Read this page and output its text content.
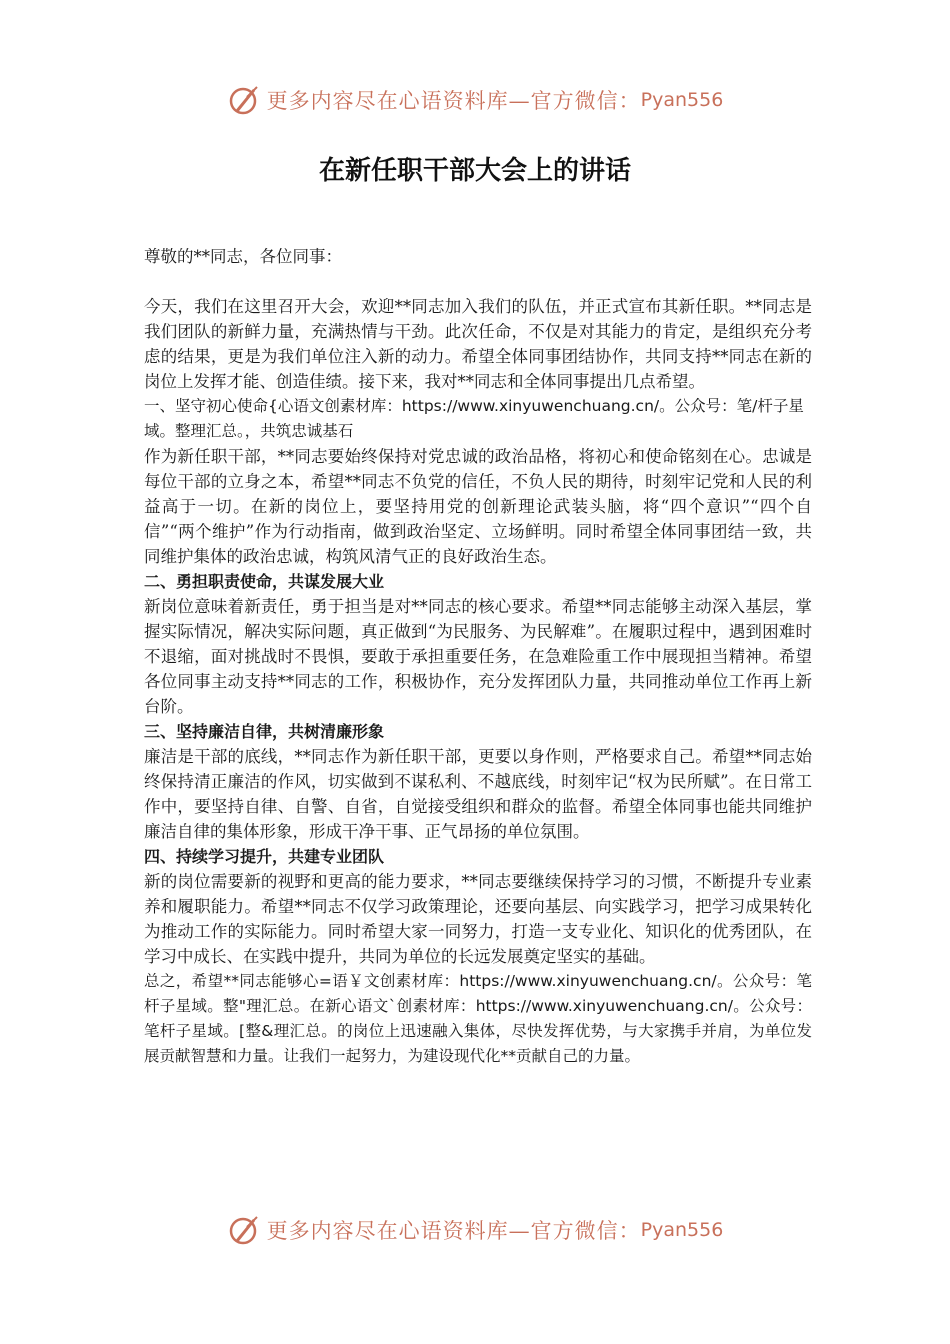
更多内容尽在心语资料库—官方微信： Pyan556
在新任职干部大会上的讲话

尊敬的**同志，各位同事：

今天，我们在这里召开大会，欢迎**同志加入我们的队伍，并正式宣布其新任职。**同志是我们团队的新鲜力量，充满热情与干劲。此次任命，不仅是对其能力的肯定，是组织充分考虑的结果，更是为我们单位注入新的动力。希望全体同事团结协作，共同支持**同志在新的岗位上发挥才能、创造佳绩。接下来，我对**同志和全体同事提出几点希望。

一、坚守初心使命{心语文创素材库：https://www.xinyuwenchuang.cn/。公众号：笔/杆子星域。整理汇总。，共筑忠诚基石

作为新任职干部，**同志要始终保持对党忠诚的政治品格，将初心和使命铭刻在心。忠诚是每位干部的立身之本，希望**同志不负党的信任，不负人民的期待，时刻牢记党和人民的利益高于一切。在新的岗位上，要坚持用党的创新理论武装头脑，将“四个意识”“四个自信”“两个维护”作为行动指南，做到政治坚定、立场鲜明。同时希望全体同事团结一致，共同维护集体的政治忠诚，构筑风清气正的良好政治生态。

二、勇担职责使命，共谋发展大业

新岗位意味着新责任，勇于担当是对**同志的核心要求。希望**同志能够主动深入基层，掌握实际情况，解决实际问题，真正做到“为民服务、为民解难”。在履职过程中，遇到困难时不退缩，面对挑战时不畏惧，要敢于承担重要任务，在急难险重工作中展现担当精神。希望各位同事主动支持**同志的工作，积极协作，充分发挥团队力量，共同推动单位工作再上新台阶。

三、坚持廉洁自律，共树清廉形象

廉洁是干部的底线，**同志作为新任职干部，更要以身作则，严格要求自己。希望**同志始终保持清正廉洁的作风，切实做到不谋私利、不越底线，时刻牢记“权为民所赋”。在日常工作中，要坚持自律、自警、自省，自觉接受组织和群众的监督。希望全体同事也能共同维护廉洁自律的集体形象，形成干净干事、正气昂扬的单位氛围。

四、持续学习提升，共建专业团队

新的岗位需要新的视野和更高的能力要求，**同志要继续保持学习的习惯，不断提升专业素养和履职能力。希望**同志不仅学习政策理论，还要向基层、向实践学习，把学习成果转化为推动工作的实际能力。同时希望大家一同努力，打造一支专业化、知识化的优秀团队，在学习中成长、在实践中提升，共同为单位的长远发展奠定坚实的基础。

总之，希望**同志能够心=语￥文创素材库：https://www.xinyuwenchuang.cn/。公众号：笔杆子星域。整"理汇总。在新心语文`创素材库：https://www.xinyuwenchuang.cn/。公众号：笔杆子星域。[整&理汇总。的岗位上迅速融入集体，尽快发挥优势，与大家携手并肩，为单位发展贡献智慧和力量。让我们一起努力，为建设现代化**贡献自己的力量。

更多内容尽在心语资料库—官方微信： Pyan556
